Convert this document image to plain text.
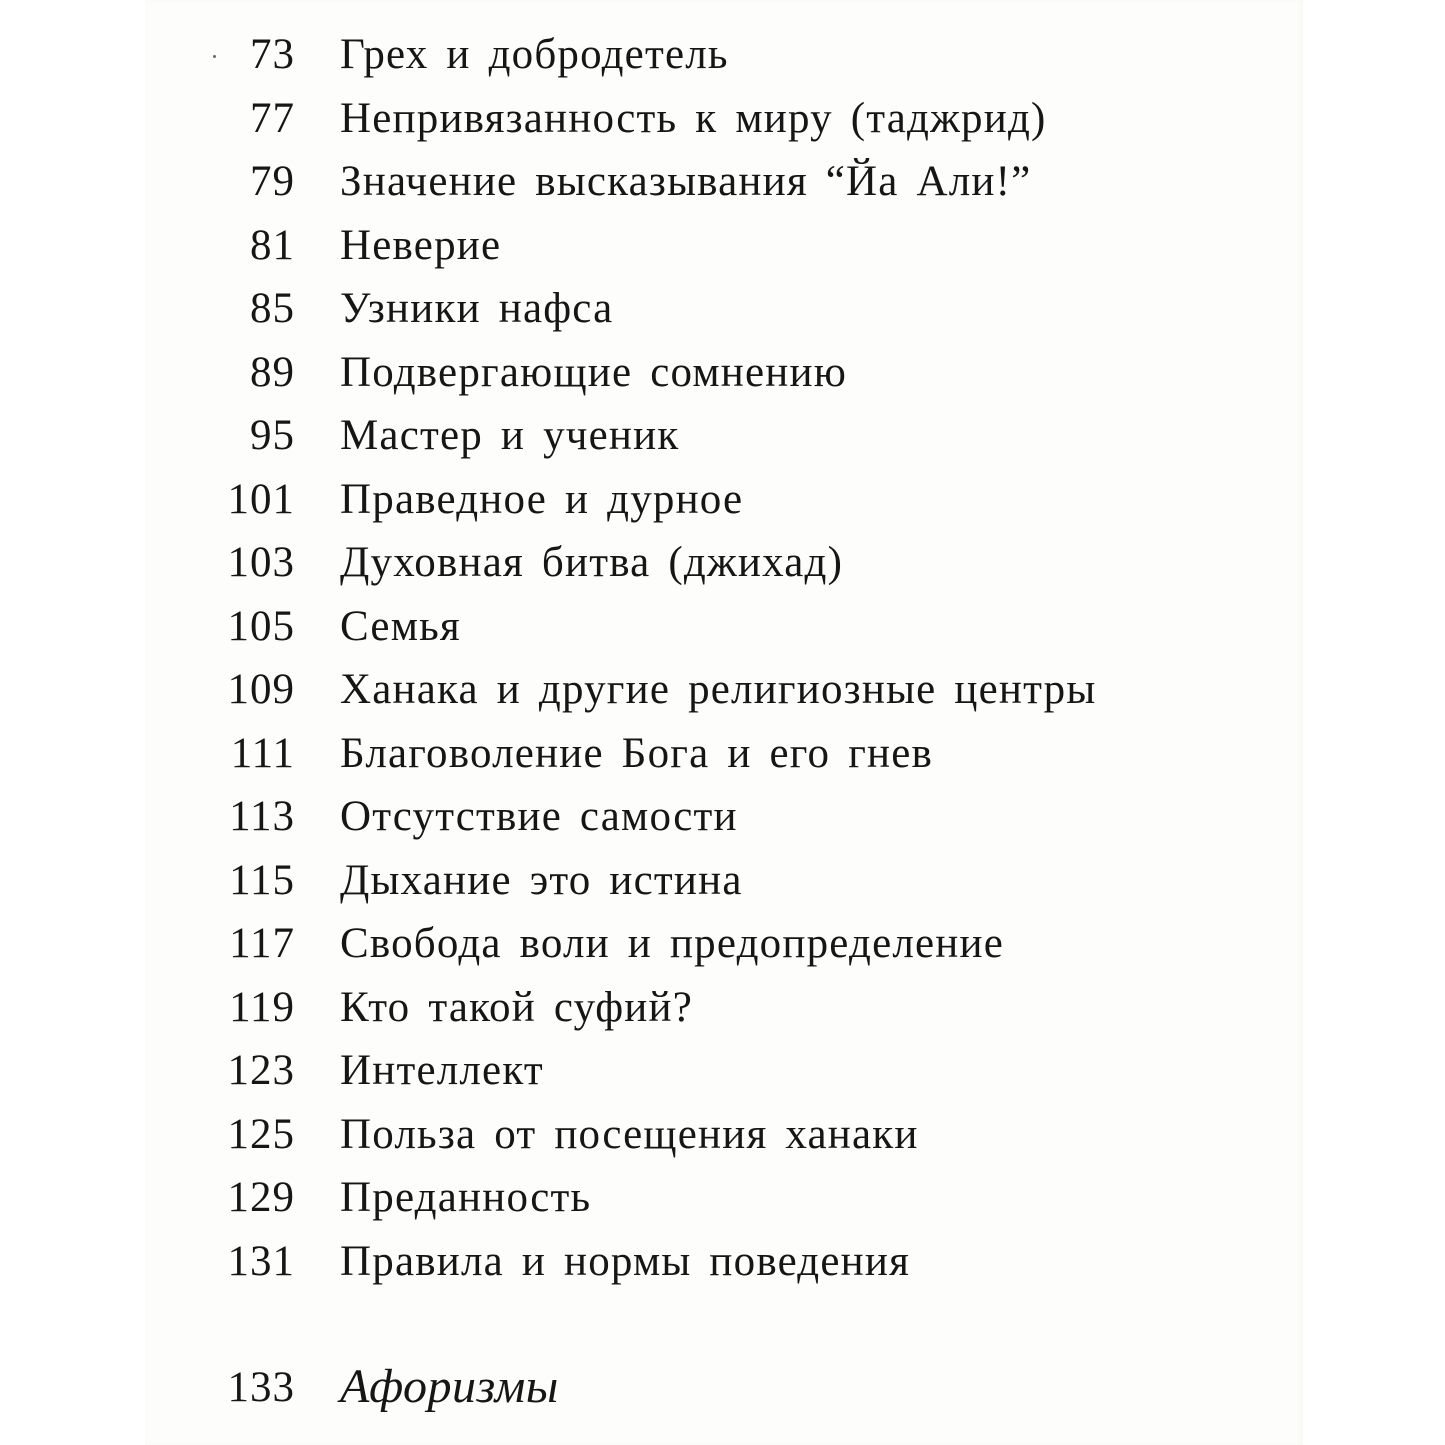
73 Грех и добродетель
77 Непривязанность к миру (таджрид)
79 Значение высказывания “Йа Али!”
81 Неверие
85 Узники нафса
89 Подвергающие сомнению
95 Мастер и ученик
101 Праведное и дурное
103 Духовная битва (джихад)
105 Семья
109 Ханака и другие религиозные центры
111 Благоволение Бога и его гнев
113 Отсутствие самости
115 Дыхание это истина
117 Свобода воли и предопределение
119 Кто такой суфий?
123 Интеллект
125 Польза от посещения ханаки
129 Преданность
131 Правила и нормы поведения
133 Афоризмы
